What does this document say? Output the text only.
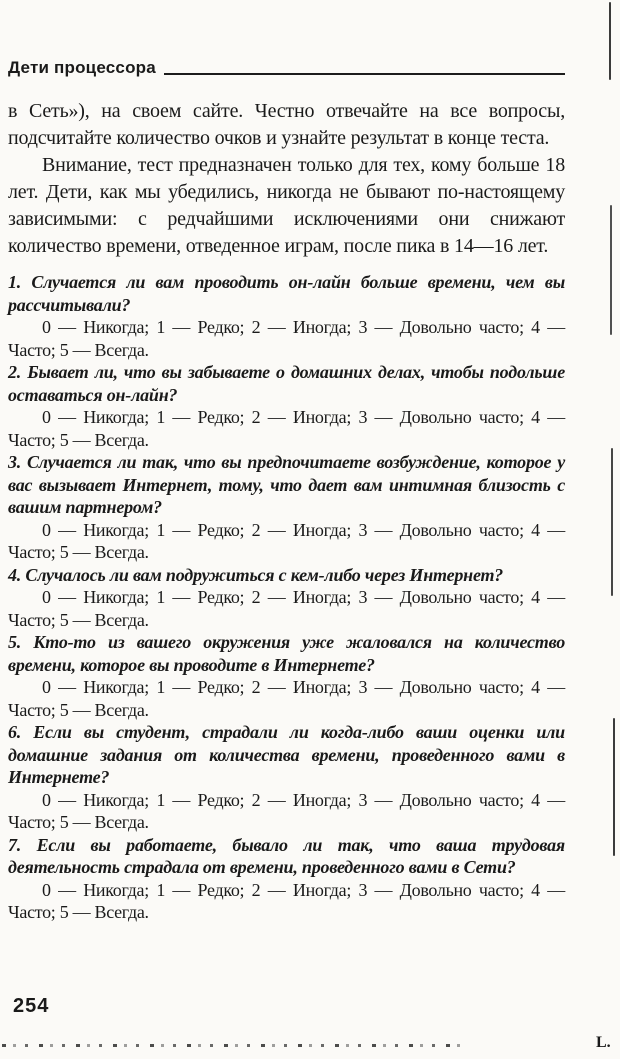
Дети процессора

в Сеть»), на своем сайте. Честно отвечайте на все вопросы, подсчитайте количество очков и узнайте результат в конце теста.

Внимание, тест предназначен только для тех, кому больше 18 лет. Дети, как мы убедились, никогда не бывают по-настоящему зависимыми: с редчайшими исключениями они снижают количество времени, отведенное играм, после пика в 14—16 лет.

1. Случается ли вам проводить он-лайн больше времени, чем вы рассчитывали?

0 — Никогда; 1 — Редко; 2 — Иногда; 3 — Довольно часто; 4 — Часто; 5 — Всегда.

2. Бывает ли, что вы забываете о домашних делах, чтобы подольше оставаться он-лайн?

0 — Никогда; 1 — Редко; 2 — Иногда; 3 — Довольно часто; 4 — Часто; 5 — Всегда.

3. Случается ли так, что вы предпочитаете возбуждение, которое у вас вызывает Интернет, тому, что дает вам интимная близость с вашим партнером?

0 — Никогда; 1 — Редко; 2 — Иногда; 3 — Довольно часто; 4 — Часто; 5 — Всегда.

4. Случалось ли вам подружиться с кем-либо через Интернет?

0 — Никогда; 1 — Редко; 2 — Иногда; 3 — Довольно часто; 4 — Часто; 5 — Всегда.

5. Кто-то из вашего окружения уже жаловался на количество времени, которое вы проводите в Интернете?

0 — Никогда; 1 — Редко; 2 — Иногда; 3 — Довольно часто; 4 — Часто; 5 — Всегда.

6. Если вы студент, страдали ли когда-либо ваши оценки или домашние задания от количества времени, проведенного вами в Интернете?

0 — Никогда; 1 — Редко; 2 — Иногда; 3 — Довольно часто; 4 — Часто; 5 — Всегда.

7. Если вы работаете, бывало ли так, что ваша трудовая деятельность страдала от времени, проведенного вами в Сети?

0 — Никогда; 1 — Редко; 2 — Иногда; 3 — Довольно часто; 4 — Часто; 5 — Всегда.

254
L.
